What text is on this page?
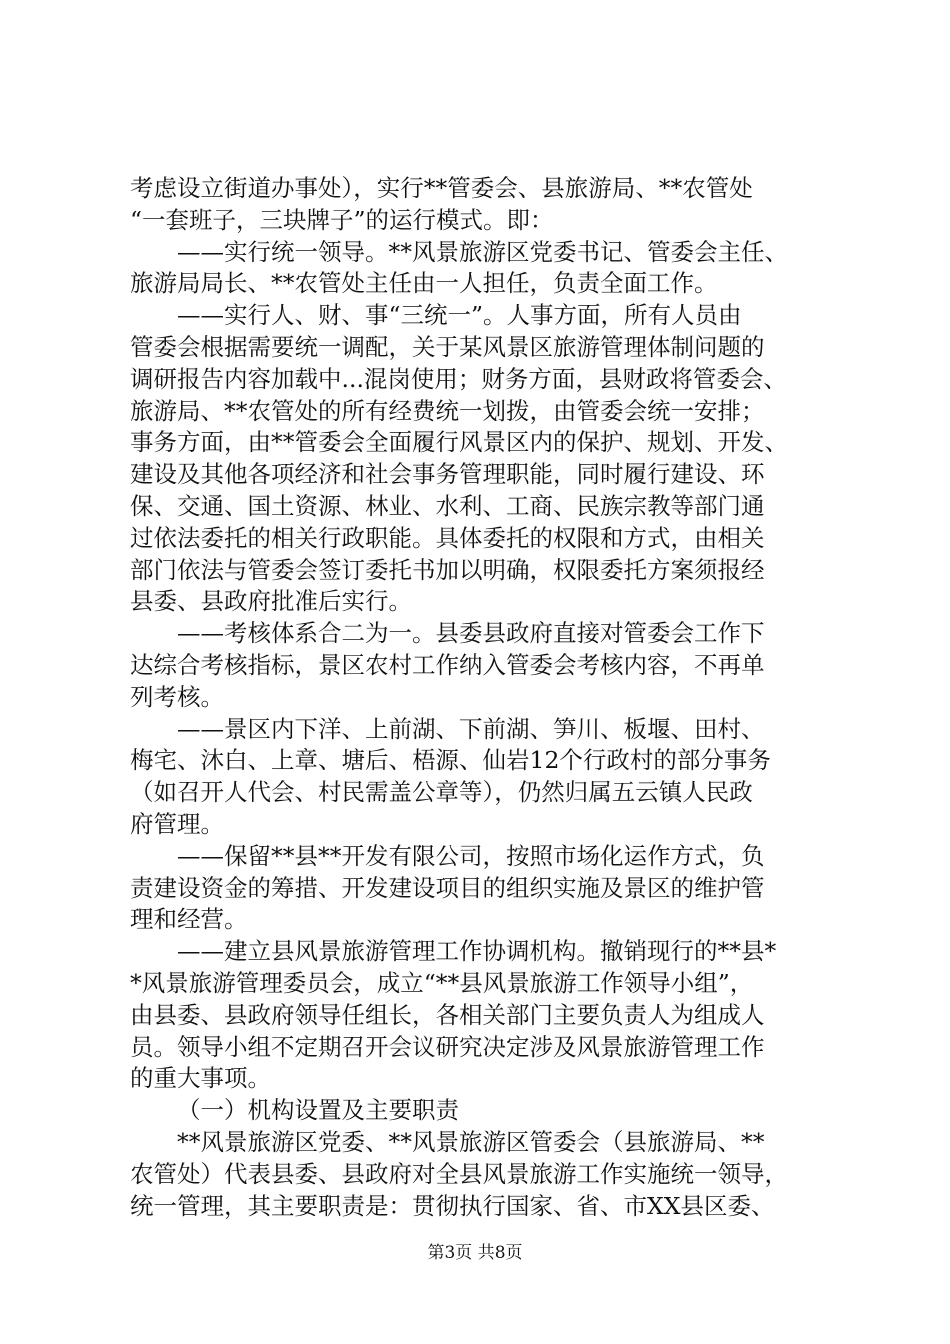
考虑设立街道办事处），实行**管委会、县旅游局、**农管处
“一套班子，三块牌子”的运行模式。即：
——实行统一领导。**风景旅游区党委书记、管委会主任、
旅游局局长、**农管处主任由一人担任，负责全面工作。
——实行人、财、事“三统一”。人事方面，所有人员由
管委会根据需要统一调配，关于某风景区旅游管理体制问题的
调研报告内容加载中...混岗使用；财务方面，县财政将管委会、
旅游局、**农管处的所有经费统一划拨，由管委会统一安排；
事务方面，由**管委会全面履行风景区内的保护、规划、开发、
建设及其他各项经济和社会事务管理职能，同时履行建设、环
保、交通、国土资源、林业、水利、工商、民族宗教等部门通
过依法委托的相关行政职能。具体委托的权限和方式，由相关
部门依法与管委会签订委托书加以明确，权限委托方案须报经
县委、县政府批准后实行。
——考核体系合二为一。县委县政府直接对管委会工作下
达综合考核指标，景区农村工作纳入管委会考核内容，不再单
列考核。
——景区内下洋、上前湖、下前湖、笋川、板堰、田村、
梅宅、沐白、上章、塘后、梧源、仙岩12个行政村的部分事务
（如召开人代会、村民需盖公章等），仍然归属五云镇人民政
府管理。
——保留**县**开发有限公司，按照市场化运作方式，负
责建设资金的筹措、开发建设项目的组织实施及景区的维护管
理和经营。
——建立县风景旅游管理工作协调机构。撤销现行的**县*
*风景旅游管理委员会，成立“**县风景旅游工作领导小组”，
由县委、县政府领导任组长，各相关部门主要负责人为组成人
员。领导小组不定期召开会议研究决定涉及风景旅游管理工作
的重大事项。
（一）机构设置及主要职责
**风景旅游区党委、**风景旅游区管委会（县旅游局、**
农管处）代表县委、县政府对全县风景旅游工作实施统一领导，
统一管理，其主要职责是：贯彻执行国家、省、市XX县区委、
第3页 共8页
